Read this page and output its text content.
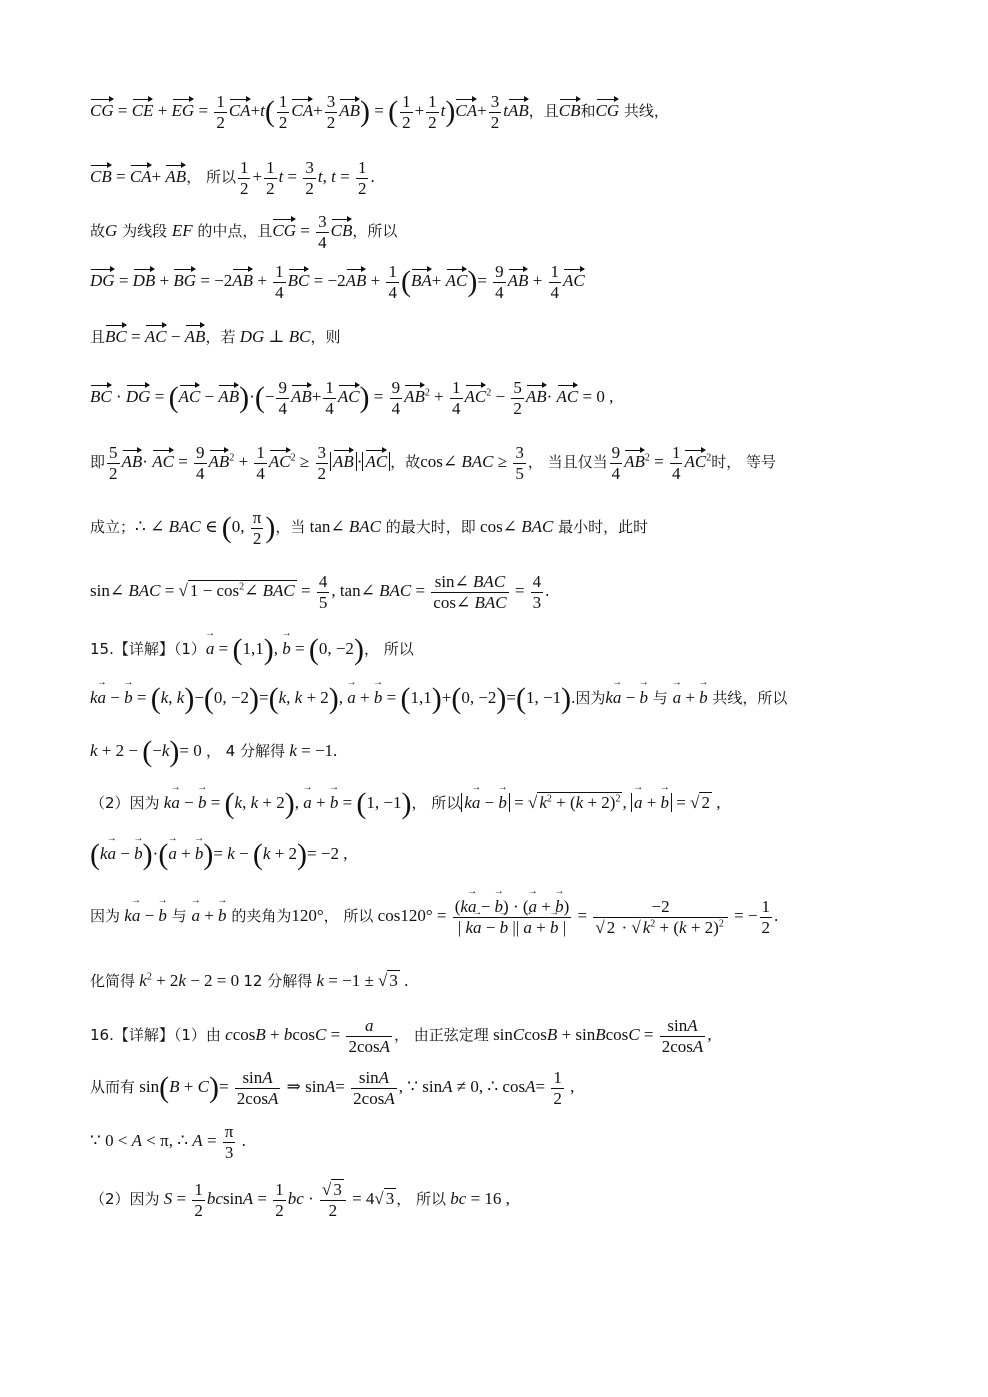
CG = CE + EG = $\frac{1}{2} CA+t( \frac{1}{2} CA+ \frac{3}{2} AB)$ = ( $\frac{1}{2} + \frac{1}{2} t)CA+ \frac{3}{2}$ tAB，且CB和CG 共线，
CB = CA+ AB， 所以 $\frac{1}{2} + \frac{1}{2}$ $t = \frac{3}{2} t$, $t = \frac{1}{2}$ .
故G 为线段 EF 的中点，且CG = $\frac{3}{4}$ CB，所以
DG = DB + BG = $-2AB + \frac{1}{4}$ BC = $-2AB + \frac{1}{4} (BA+ AC)= \frac{9}{4}$ AB + $\frac{1}{4}$ AC
且BC = AC − AB，若 DG ⊥ BC，则
BC · DG = $(AC - AB)\cdot(- \frac{9}{4} AB+ \frac{1}{4} AC) = \frac{9}{4} AB^2 + \frac{1}{4} AC^2 - \frac{5}{2} AB\cdot$ AC = 0 ,
即 $\frac{5}{2} AB\cdot$ AC = $\frac{9}{4} AB^2 + \frac{1}{4} AC^2 \ge \frac{3}{2}$ AB · AC ，故cos∠ BAC ≥ $\frac{3}{5}$ ， 当且仅当 $\frac{9}{4} AB^2 = \frac{1}{4} AC^2$时， 等号
成立；∴ ∠ BAC ∈ (0, $\frac{\pi}{2}$ )，当 tan∠ BAC 的最大时，即 cos∠ BAC 最小时，此时
sin∠ BAC = √ $1 - \cos^2\angle$ BAC = $\frac{4}{5}$ , tan∠ BAC = $\frac{\text{sin∠ BAC}}{\text{cos∠ BAC}} = \frac{4}{3}$ .
15.【详解】（1）a → = (1,1), b → = (0, −2)， 所以
ka → − b → = (k, k)−(0, −2)=(k, k + 2), a → + b → = (1,1)+(0, −2)=(1, −1).因为ka → − b → 与 a → + b → 共线，所以
k + 2 − (−k)= 0 ， 4 分解得 k = −1.
（2）因为 ka → − b → = (k, k + 2), a → + b → = (1, −1)， 所以 ka → − b → = √ $k^2 + (k + 2)^2$ , a → + b → = √ 2 ,
(ka → − b →)·(a → + b →)= k − (k + 2)= −2 ,
因为 ka → − b → 与 a → + b → 的夹角为120°， 所以 $\cos 120^\circ = \frac{(ka \to - b \to) \cdot (a \to + b \to)}{| ka \to - b \to || a \to + b \to |} = \frac{-2}{√ 2 \cdot √ k^2 + (k + 2)^2}$ = − $\frac{1}{2}$ .
化简得 $k^2 + 2k - 2 = 0$ 12 分解得 k = −1 ± √ 3 .
16.【详解】（1）由 $ccosB + bcosC = \frac{a}{2\cos A}$ ， 由正弦定理 sinCcosB + sinBcosC = $\frac{\sin A}{2\cos A}$ ,
从而有 $\sin(B + C)= \frac{\sin A}{2\cos A}$ ⇒ $\sin A= \frac{\sin A}{2\cos A}$ , ∵ sinA ≠ 0, ∴ $\cos A= \frac{1}{2}$ ,
∵ 0 < A < π, ∴ $A = \frac{\pi}{3}$ .
（2）因为 $S = \frac{1}{2}$ $bcsinA = \frac{1}{2}$ bc · $\frac{√ 3}{2} = 4√$ 3 ， 所以 bc = 16 ,
